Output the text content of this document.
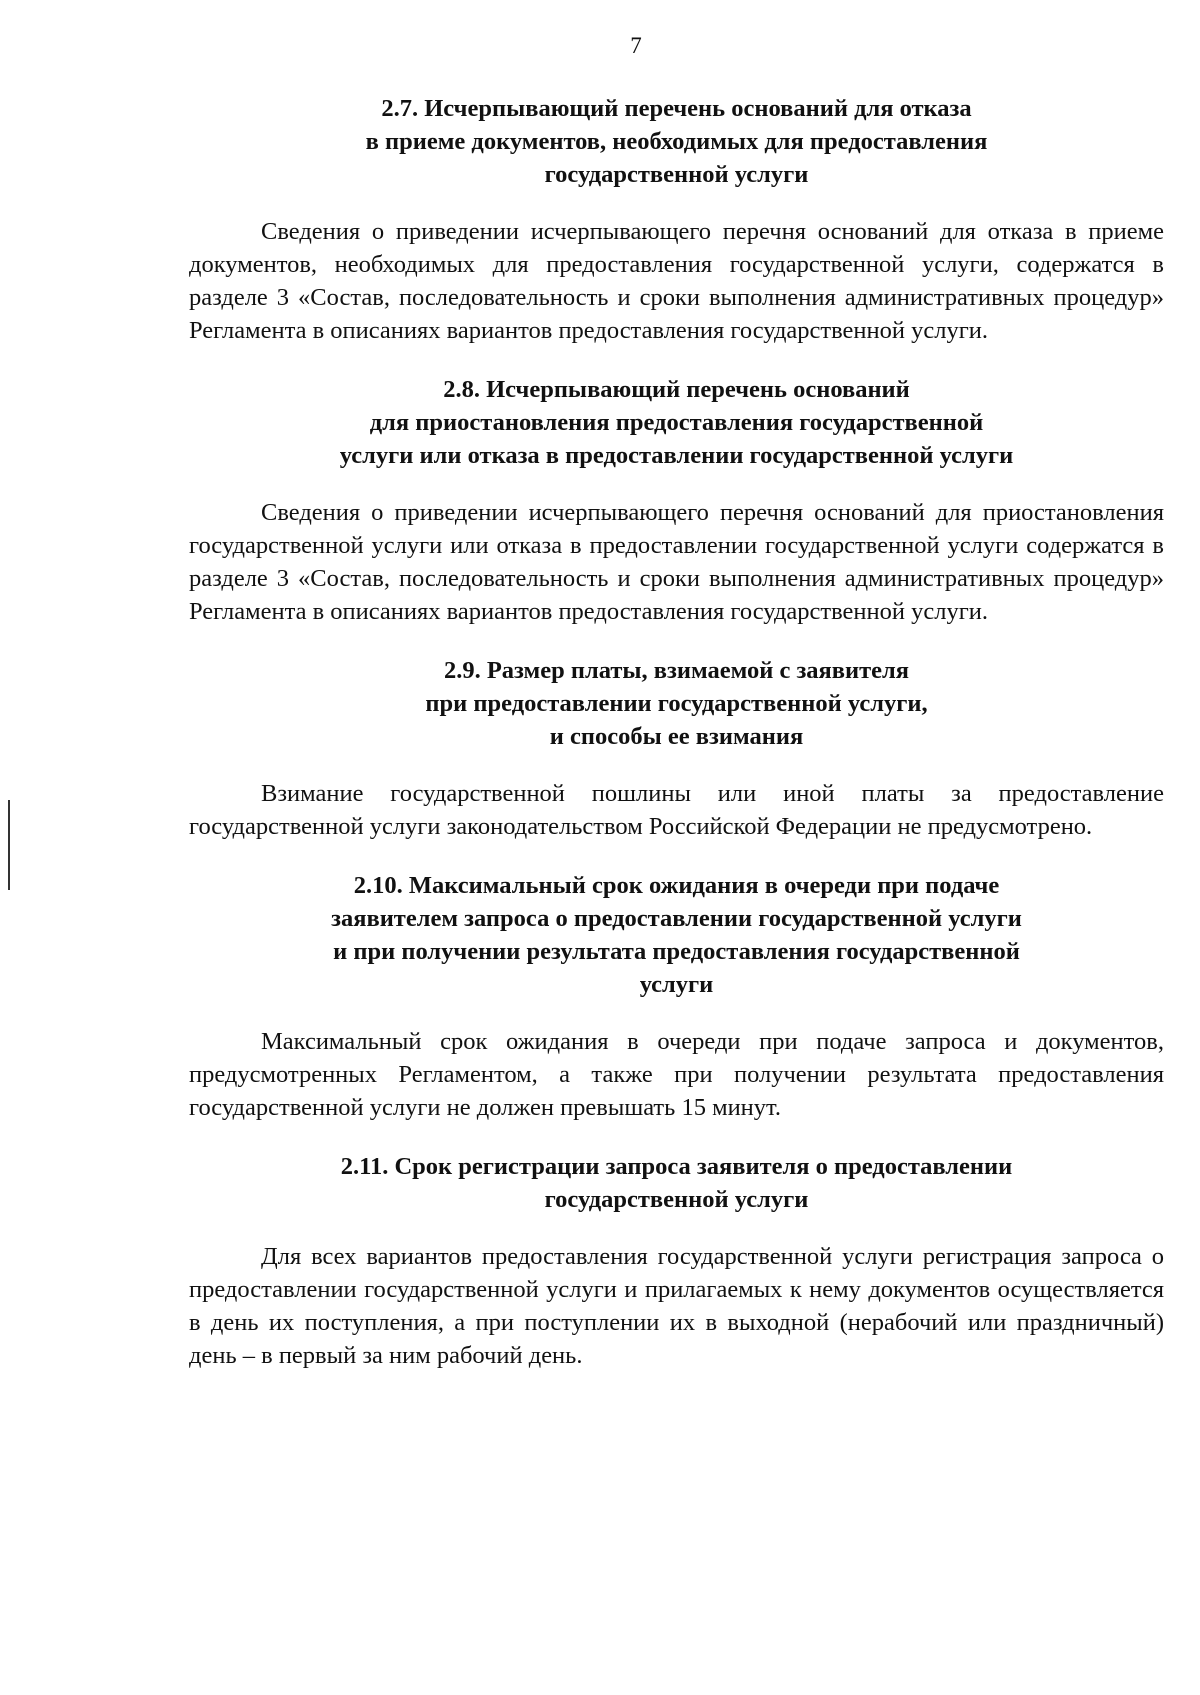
7
2.7. Исчерпывающий перечень оснований для отказа
в приеме документов, необходимых для предоставления
государственной услуги

Сведения о приведении исчерпывающего перечня оснований для отказа в приеме документов, необходимых для предоставления государственной услуги, содержатся в разделе 3 «Состав, последовательность и сроки выполнения административных процедур» Регламента в описаниях вариантов предоставления государственной услуги.

2.8. Исчерпывающий перечень оснований
для приостановления предоставления государственной
услуги или отказа в предоставлении государственной услуги

Сведения о приведении исчерпывающего перечня оснований для приостановления государственной услуги или отказа в предоставлении государственной услуги содержатся в разделе 3 «Состав, последовательность и сроки выполнения административных процедур» Регламента в описаниях вариантов предоставления государственной услуги.

2.9. Размер платы, взимаемой с заявителя
при предоставлении государственной услуги,
и способы ее взимания

Взимание государственной пошлины или иной платы за предоставление государственной услуги законодательством Российской Федерации не предусмотрено.

2.10. Максимальный срок ожидания в очереди при подаче
заявителем запроса о предоставлении государственной услуги
и при получении результата предоставления государственной
услуги

Максимальный срок ожидания в очереди при подаче запроса и документов, предусмотренных Регламентом, а также при получении результата предоставления государственной услуги не должен превышать 15 минут.

2.11. Срок регистрации запроса заявителя о предоставлении
государственной услуги

Для всех вариантов предоставления государственной услуги регистрация запроса о предоставлении государственной услуги и прилагаемых к нему документов осуществляется в день их поступления, а при поступлении их в выходной (нерабочий или праздничный) день – в первый за ним рабочий день.
